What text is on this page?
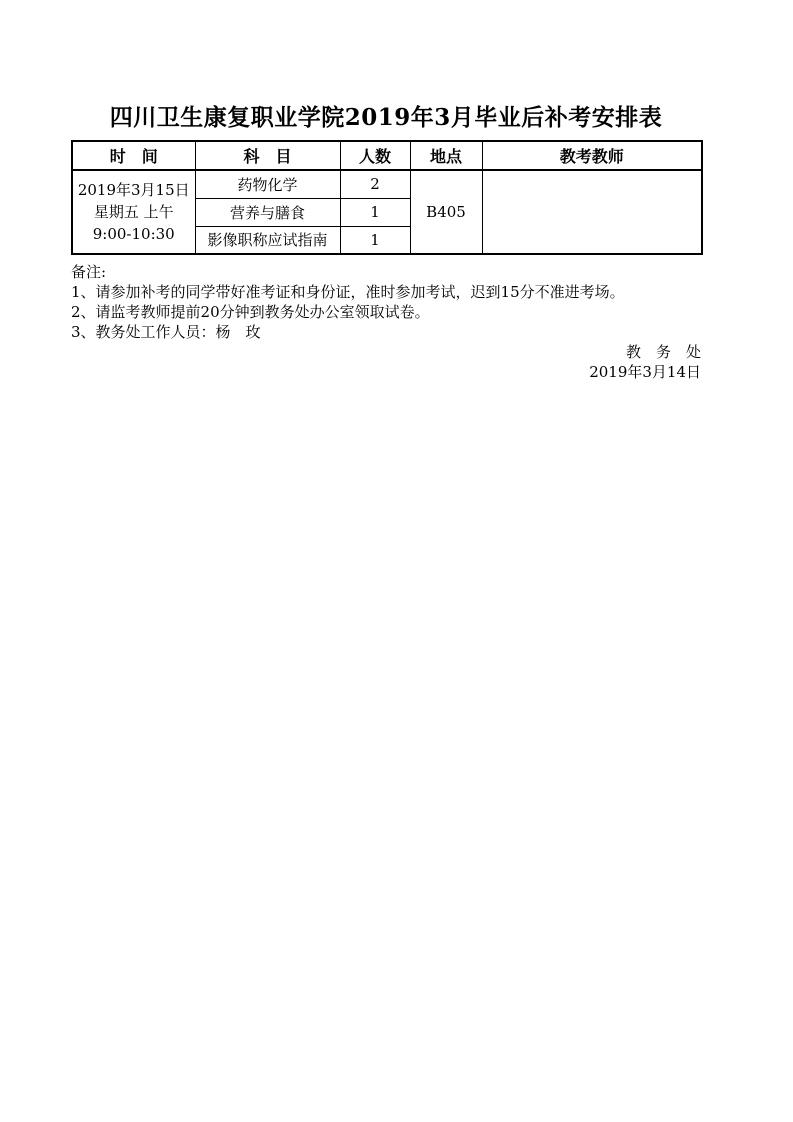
四川卫生康复职业学院2019年3月毕业后补考安排表
时　间	科　目	人数	地点	教考教师

2019年3月15日
星期五 上午
9:00-10:30	药物化学	2	B405	
	营养与膳食	1		
	影像职称应试指南	1		
备注:
1、请参加补考的同学带好准考证和身份证，准时参加考试，迟到15分不准进考场。
2、请监考教师提前20分钟到教务处办公室领取试卷。
3、教务处工作人员：杨　玫
教　务　处
2019年3月14日
